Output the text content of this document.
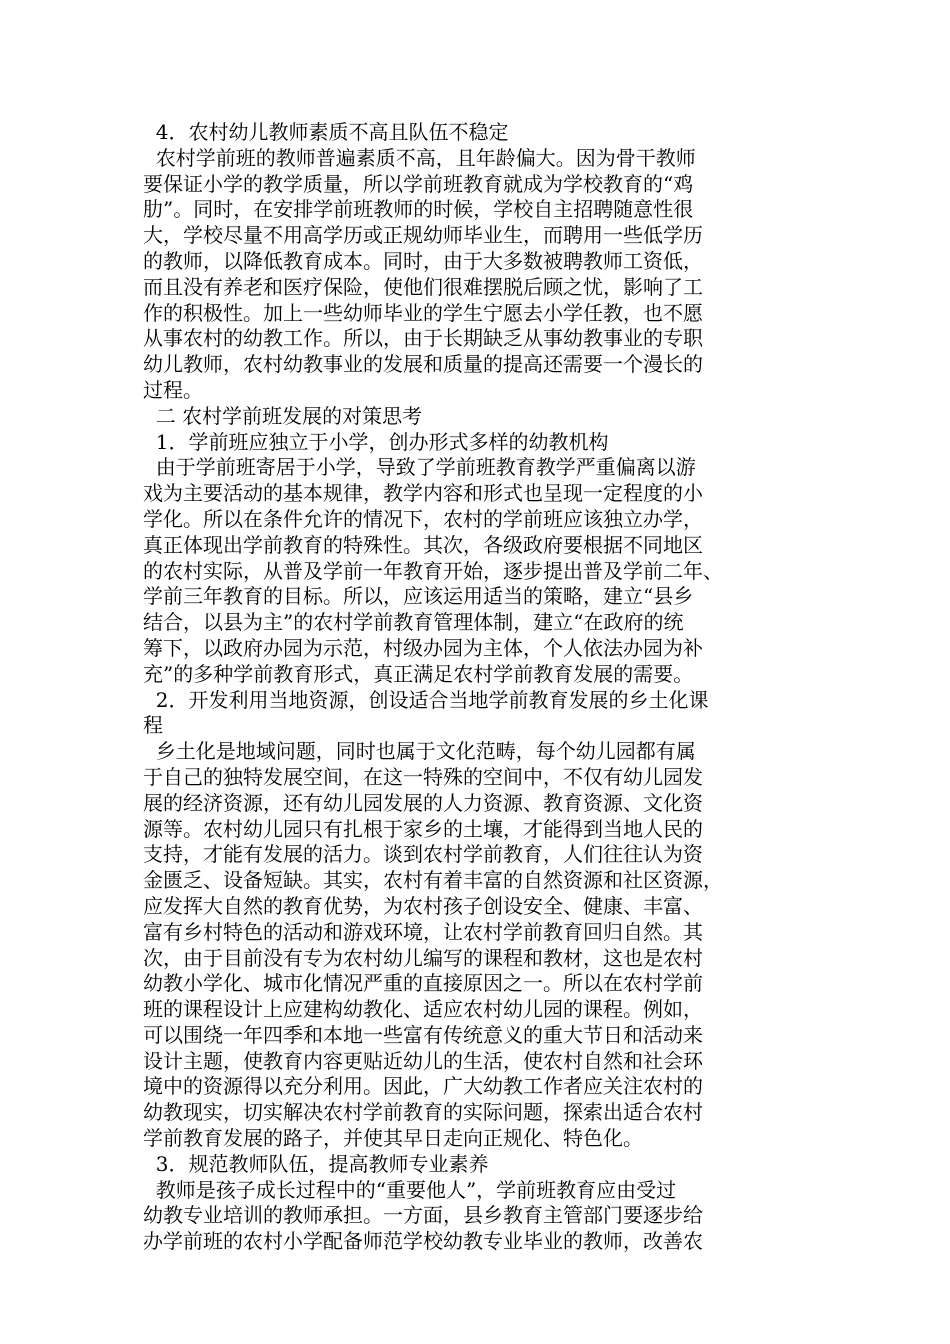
4．农村幼儿教师素质不高且队伍不稳定
农村学前班的教师普遍素质不高，且年龄偏大。因为骨干教师
要保证小学的教学质量，所以学前班教育就成为学校教育的“鸡
肋”。同时，在安排学前班教师的时候，学校自主招聘随意性很
大，学校尽量不用高学历或正规幼师毕业生，而聘用一些低学历
的教师，以降低教育成本。同时，由于大多数被聘教师工资低，
而且没有养老和医疗保险，使他们很难摆脱后顾之忧，影响了工
作的积极性。加上一些幼师毕业的学生宁愿去小学任教，也不愿
从事农村的幼教工作。所以，由于长期缺乏从事幼教事业的专职
幼儿教师，农村幼教事业的发展和质量的提高还需要一个漫长的
过程。
二 农村学前班发展的对策思考
1．学前班应独立于小学，创办形式多样的幼教机构
由于学前班寄居于小学，导致了学前班教育教学严重偏离以游
戏为主要活动的基本规律，教学内容和形式也呈现一定程度的小
学化。所以在条件允许的情况下，农村的学前班应该独立办学，
真正体现出学前教育的特殊性。其次，各级政府要根据不同地区
的农村实际，从普及学前一年教育开始，逐步提出普及学前二年、
学前三年教育的目标。所以，应该运用适当的策略，建立“县乡
结合，以县为主”的农村学前教育管理体制，建立“在政府的统
筹下，以政府办园为示范，村级办园为主体，个人依法办园为补
充”的多种学前教育形式，真正满足农村学前教育发展的需要。
2．开发利用当地资源，创设适合当地学前教育发展的乡土化课
程
乡土化是地域问题，同时也属于文化范畴，每个幼儿园都有属
于自己的独特发展空间，在这一特殊的空间中，不仅有幼儿园发
展的经济资源，还有幼儿园发展的人力资源、教育资源、文化资
源等。农村幼儿园只有扎根于家乡的土壤，才能得到当地人民的
支持，才能有发展的活力。谈到农村学前教育，人们往往认为资
金匮乏、设备短缺。其实，农村有着丰富的自然资源和社区资源，
应发挥大自然的教育优势，为农村孩子创设安全、健康、丰富、
富有乡村特色的活动和游戏环境，让农村学前教育回归自然。其
次，由于目前没有专为农村幼儿编写的课程和教材，这也是农村
幼教小学化、城市化情况严重的直接原因之一。所以在农村学前
班的课程设计上应建构幼教化、适应农村幼儿园的课程。例如，
可以围绕一年四季和本地一些富有传统意义的重大节日和活动来
设计主题，使教育内容更贴近幼儿的生活，使农村自然和社会环
境中的资源得以充分利用。因此，广大幼教工作者应关注农村的
幼教现实，切实解决农村学前教育的实际问题，探索出适合农村
学前教育发展的路子，并使其早日走向正规化、特色化。
3．规范教师队伍，提高教师专业素养
教师是孩子成长过程中的“重要他人”，学前班教育应由受过
幼教专业培训的教师承担。一方面，县乡教育主管部门要逐步给
办学前班的农村小学配备师范学校幼教专业毕业的教师，改善农
